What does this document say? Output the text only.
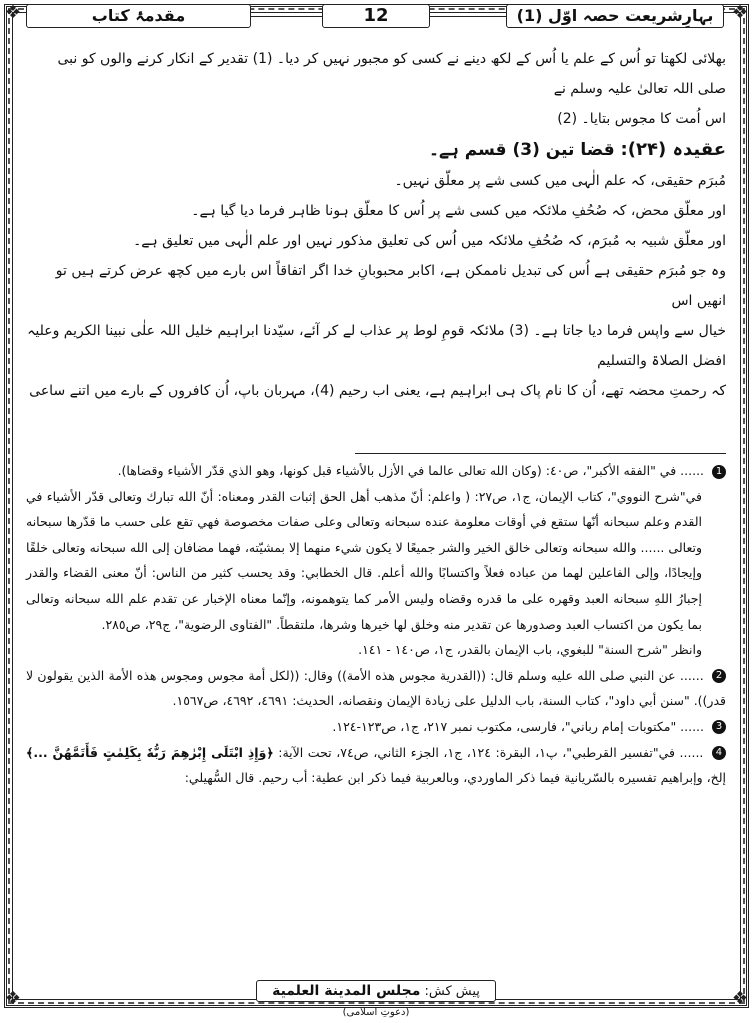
❖	❖
❖	❖
مقدمۂ کتاب	12	بہارِشریعت حصہ اوّل (1)

بھلائی لکھتا تو اُس کے علم یا اُس کے لکھ دینے نے کسی کو مجبور نہیں کر دیا۔ (1) تقدیر کے انکار کرنے والوں کو نبی صلی اللہ تعالیٰ علیہ وسلم نے

اس اُمت کا مجوس بتایا۔ (2)

عقیدہ (۲۴): قضا تین (3) قسم ہے۔

مُبرَم حقیقی، کہ علم الٰہی میں کسی شے پر معلّق نہیں۔

اور معلّق محض، کہ صُحُفِ ملائکہ میں کسی شے پر اُس کا معلّق ہونا ظاہر فرما دیا گیا ہے۔

اور معلّق شبیہ بہ مُبرَم، کہ صُحُفِ ملائکہ میں اُس کی تعلیق مذکور نہیں اور علم الٰہی میں تعلیق ہے۔

وہ جو مُبرَم حقیقی ہے اُس کی تبدیل ناممکن ہے، اکابر محبوبانِ خدا اگر اتفاقاً اس بارے میں کچھ عرض کرتے ہیں تو انھیں اس

خیال سے واپس فرما دیا جاتا ہے۔ (3) ملائکہ قومِ لوط پر عذاب لے کر آئے، سیّدنا ابراہیم خلیل اللہ علٰی نبینا الکریم وعلیہ افضل الصلاۃ والتسلیم

کہ رحمتِ محضہ تھے، اُن کا نام پاک ہی ابراہیم ہے، یعنی اب رحیم (4)، مہربان باپ، اُن کافروں کے بارے میں اتنے ساعی

1 ...... في "الفقه الأكبر"، ص٤٠: (وكان الله تعالى عالما في الأزل بالأشياء قبل كونها، وهو الذي قدّر الأشياء وقضاها).

في"شرح النووي"، كتاب الإيمان، ج١، ص٢٧: ( واعلم: أنّ مذهب أهل الحق إثبات القدر ومعناه: أنّ الله تبارك وتعالى قدّر الأشياء في القدم وعلم سبحانه أنّها ستقع في أوقات معلومة عنده سبحانه وتعالى وعلى صفات مخصوصة فهي تقع على حسب ما قدّرها سبحانه وتعالى ...... والله سبحانه وتعالى خالق الخير والشر جميعًا لا يكون شيء منهما إلا بمشيّته، فهما مضافان إلى الله سبحانه وتعالى خلقًا وإيجادًا، وإلى الفاعلين لهما من عباده فعلاً واكتسابًا والله أعلم. قال الخطابي: وقد يحسب كثير من الناس: أنّ معنى القضاء والقدر إجبارُ اللهِ سبحانه العبد وقهره على ما قدره وقضاه وليس الأمر كما يتوهمونه، وإنّما معناه الإخبار عن تقدم علم الله سبحانه وتعالى بما يكون من اكتساب العبد وصدورها عن تقدير منه وخلق لها خيرها وشرها، ملتقطاً. "الفتاوى الرضوية"، ج٢٩، ص٢٨٥.

وانظر "شرح السنة" للبغوي، باب الإيمان بالقدر، ج١، ص١٤٠ - ١٤١.

2 ...... عن النبي صلى الله عليه وسلم قال: ((القدرية مجوس هذه الأمة)) وقال: ((لكل أمة مجوس ومجوس هذه الأمة الذين يقولون لا قدر)). "سنن أبي داود"، كتاب السنة، باب الدليل على زيادة الإيمان ونقصانه، الحديث: ٤٦٩١، ٤٦٩٢، ص١٥٦٧.

3 ...... "مكتوبات إمام رباني"، فارسی، مکتوب نمبر ٢١٧، ج١، ص١٢٣-١٢٤.

4 ...... في"تفسير القرطبي"، پ١، البقرة: ١٢٤، ج١، الجزء الثاني، ص٧٤، تحت الآية: ﴿وَإِذِ ابْتَلَى إِبْرٰهِمَ رَبُّهٗ بِكَلِمٰتٍ فَأَتَمَّهُنَّ ...﴾ إلخ، وإبراهيم تفسيره بالسّريانية فيما ذكر الماوردي، وبالعربية فيما ذكر ابن عطية: أب رحيم. قال السُّهيلي:

پیش کش: مجلس المدينة العلمية (دعوتِ اسلامی)
